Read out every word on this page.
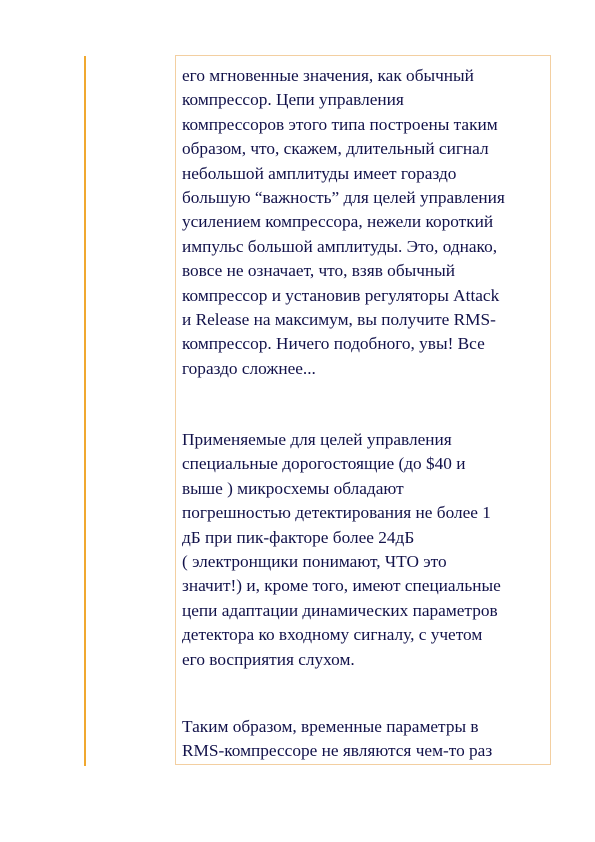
его мгновенные значения, как обычный
компрессор. Цепи управления
компрессоров этого типа построены таким
образом, что, скажем, длительный сигнал
небольшой амплитуды имеет гораздо
большую “важность” для целей управления
усилением компрессора, нежели короткий
импульс большой амплитуды. Это, однако,
вовсе не означает, что, взяв обычный
компрессор и установив регуляторы Attack
и Release на максимум, вы получите RMS-
компрессор. Ничего подобного, увы! Все
гораздо сложнее...

Применяемые для целей управления
специальные дорогостоящие (до $40 и
выше ) микросхемы обладают
погрешностью детектирования не более 1
дБ при пик-факторе более 24дБ
( электронщики понимают, ЧТО это
значит!) и, кроме того, имеют специальные
цепи адаптации динамических параметров
детектора ко входному сигналу, с учетом
его восприятия слухом.

Таким образом, временные параметры в
RMS-компрессоре не являются чем-то раз
